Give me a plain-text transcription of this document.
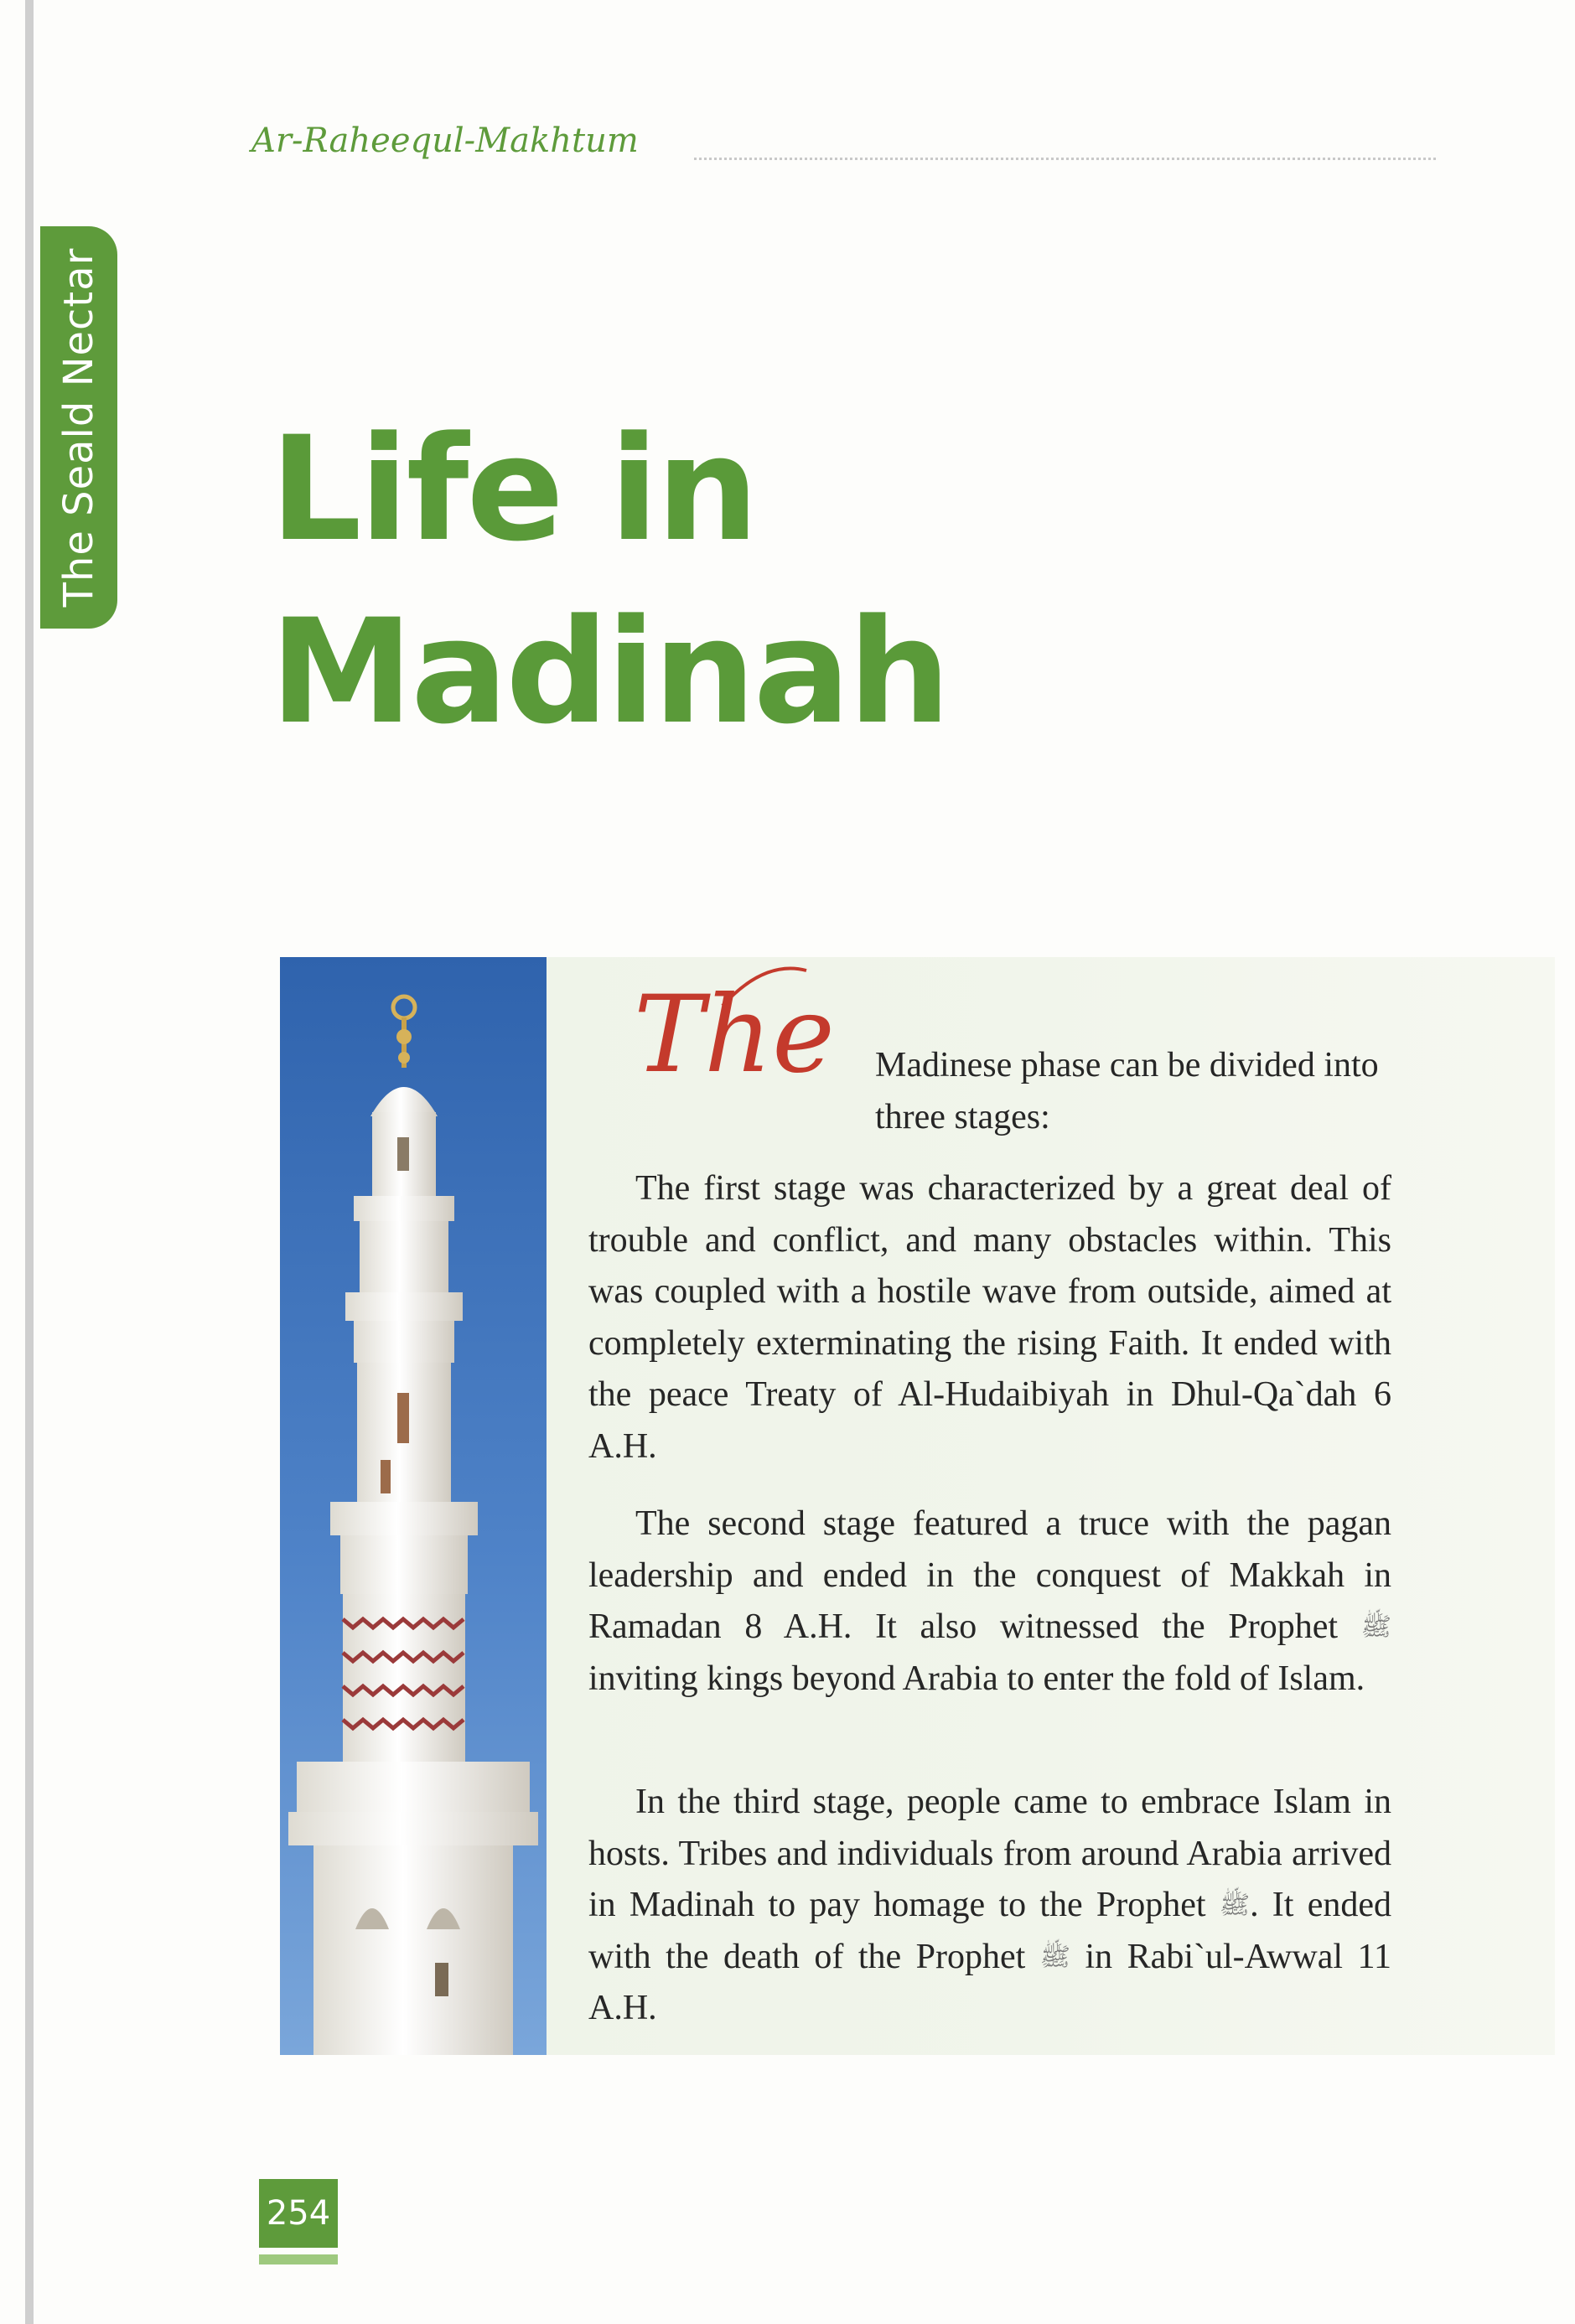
The Seald Nectar
Ar-Raheequl-Makhtum
Life in
Madinah
The Madinese phase can be divided into three stages:

The first stage was characterized by a great deal of trouble and conflict, and many obstacles within. This was coupled with a hostile wave from outside, aimed at completely exterminating the rising Faith. It ended with the peace Treaty of Al-Hudaibiyah in Dhul-Qa`dah 6 A.H.

The second stage featured a truce with the pagan leadership and ended in the conquest of Makkah in Ramadan 8 A.H. It also witnessed the Prophet ﷺ inviting kings beyond Arabia to enter the fold of Islam.

In the third stage, people came to embrace Islam in hosts. Tribes and individuals from around Arabia arrived in Madinah to pay homage to the Prophet ﷺ. It ended with the death of the Prophet ﷺ in Rabi`ul-Awwal 11 A.H.

254
